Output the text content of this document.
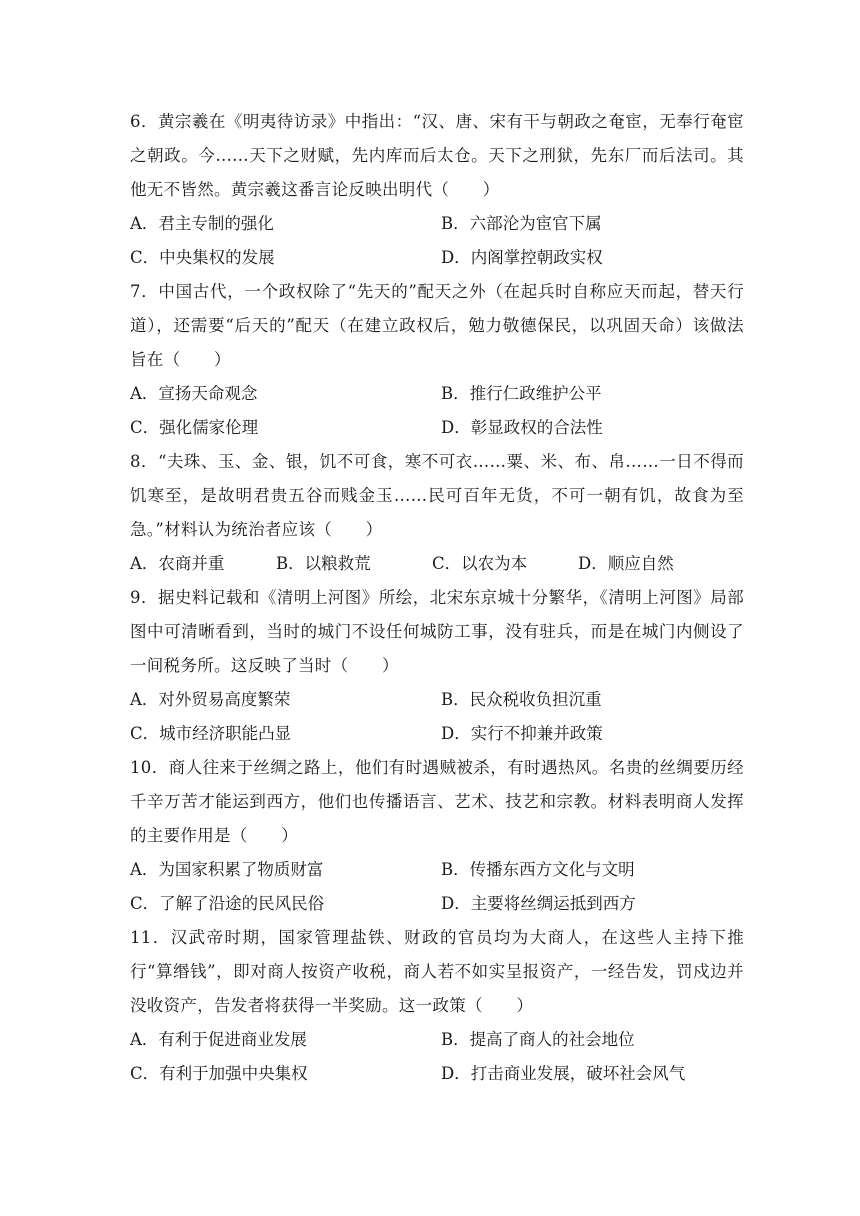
6．黄宗羲在《明夷待访录》中指出：“汉、唐、宋有干与朝政之奄宦，无奉行奄宦之朝政。今……天下之财赋，先内库而后太仓。天下之刑狱，先东厂而后法司。其他无不皆然。黄宗羲这番言论反映出明代（　　）

A．君主专制的强化	B．六部沦为宦官下属
C．中央集权的发展	D．内阁掌控朝政实权

7．中国古代，一个政权除了“先天的”配天之外（在起兵时自称应天而起，替天行道），还需要“后天的”配天（在建立政权后，勉力敬德保民，以巩固天命）该做法旨在（　　）

A．宣扬天命观念	B．推行仁政维护公平
C．强化儒家伦理	D．彰显政权的合法性

8．“夫珠、玉、金、银，饥不可食，寒不可衣……粟、米、布、帛……一日不得而饥寒至，是故明君贵五谷而贱金玉……民可百年无货，不可一朝有饥，故食为至急。”材料认为统治者应该（　　）

A．农商并重	B．以粮救荒	C．以农为本	D．顺应自然

9．据史料记载和《清明上河图》所绘，北宋东京城十分繁华，《清明上河图》局部图中可清晰看到，当时的城门不设任何城防工事，没有驻兵，而是在城门内侧设了一间税务所。这反映了当时（　　）

A．对外贸易高度繁荣	B．民众税收负担沉重
C．城市经济职能凸显	D．实行不抑兼并政策

10．商人往来于丝绸之路上，他们有时遇贼被杀，有时遇热风。名贵的丝绸要历经千辛万苦才能运到西方，他们也传播语言、艺术、技艺和宗教。材料表明商人发挥的主要作用是（　　）

A．为国家积累了物质财富	B．传播东西方文化与文明
C．了解了沿途的民风民俗	D．主要将丝绸运抵到西方

11．汉武帝时期，国家管理盐铁、财政的官员均为大商人，在这些人主持下推行“算缗钱”，即对商人按资产收税，商人若不如实呈报资产，一经告发，罚戍边并没收资产，告发者将获得一半奖励。这一政策（　　）

A．有利于促进商业发展	B．提高了商人的社会地位
C．有利于加强中央集权	D．打击商业发展，破坏社会风气
